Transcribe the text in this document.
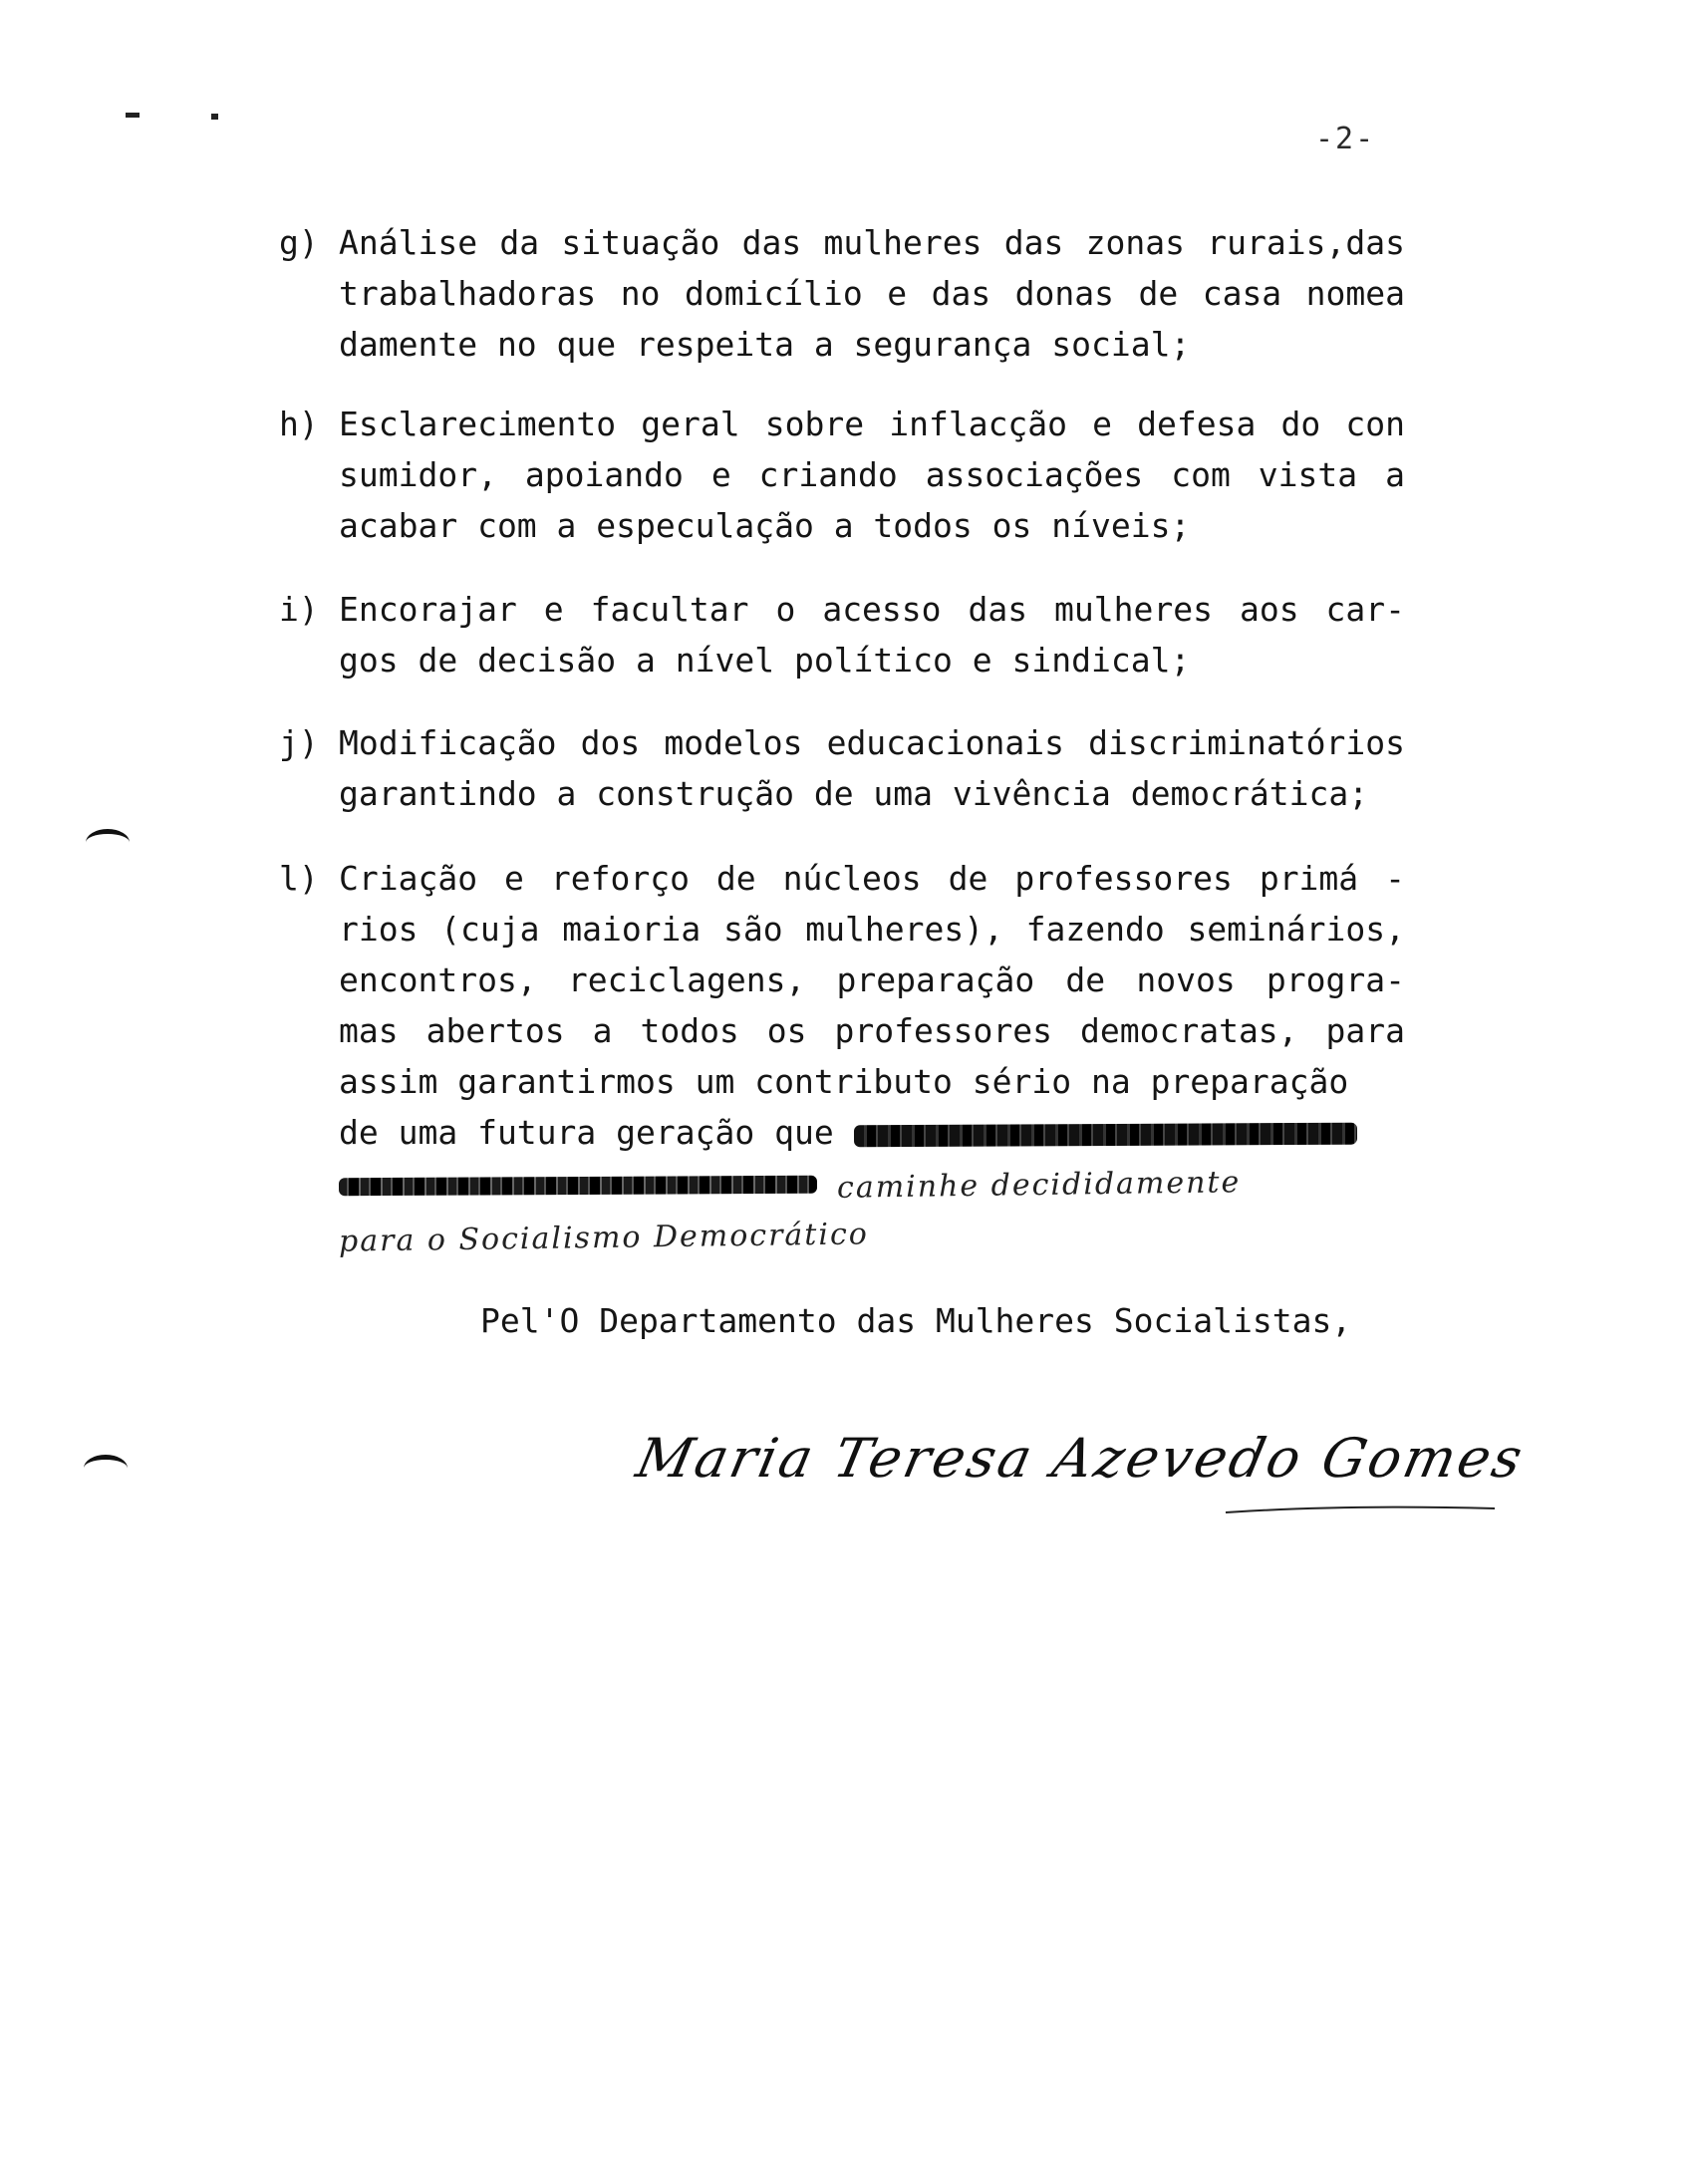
-2-
g) Análise da situação das mulheres das zonas rurais,das
trabalhadoras no domicílio e das donas de casa nomea
damente no que respeita a segurança social;
h) Esclarecimento geral sobre inflacção e defesa do con
sumidor, apoiando e criando associações com vista a
acabar com a especulação a todos os níveis;
i) Encorajar e facultar o acesso das mulheres aos car-
gos de decisão a nível político e sindical;
j) Modificação dos modelos educacionais discriminatórios
garantindo a construção de uma vivência democrática;
l) Criação e reforço de núcleos de professores primá -
rios (cuja maioria são mulheres), fazendo seminários,
encontros, reciclagens, preparação de novos progra-
mas abertos a todos os professores democratas, para
assim garantirmos um contributo sério na preparação
de uma futura geração que
caminhe decididamente
para o Socialismo Democrático
Pel'O Departamento das Mulheres Socialistas,
Maria Teresa Azevedo Gomes
